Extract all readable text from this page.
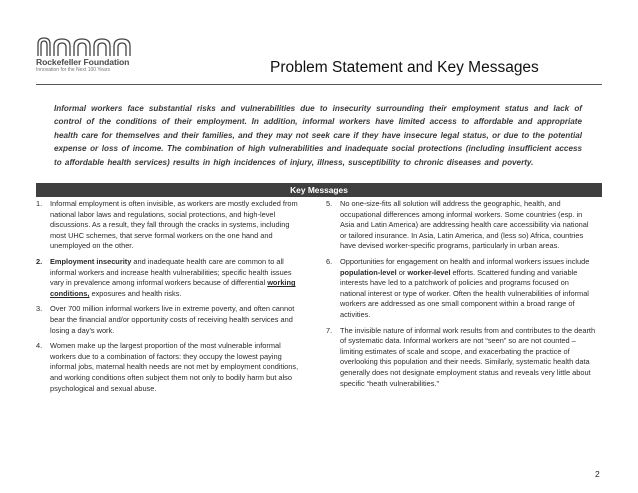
Rockefeller Foundation
Innovation for the Next 100 Years	Problem Statement and Key Messages
Informal workers face substantial risks and vulnerabilities due to insecurity surrounding their employment status and lack of control of the conditions of their employment. In addition, informal workers have limited access to affordable and appropriate health care for themselves and their families, and they may not seek care if they have insecure legal status, or due to the potential expense or loss of income. The combination of high vulnerabilities and inadequate social protections (including insufficient access to affordable health services) results in high incidences of injury, illness, susceptibility to chronic diseases and poverty.
Key Messages
1.	Informal employment is often invisible, as workers are mostly excluded from national labor laws and regulations, social protections, and high-level discussions. As a result, they fall through the cracks in systems, including most UHC schemes, that serve formal workers on the one hand and unemployed on the other.
2.	Employment insecurity and inadequate health care are common to all informal workers and increase health vulnerabilities; specific health issues vary in prevalence among informal workers because of differential working conditions, exposures and health risks.
3.	Over 700 million informal workers live in extreme poverty, and often cannot bear the financial and/or opportunity costs of receiving health services and losing a day's work.
4.	Women make up the largest proportion of the most vulnerable informal workers due to a combination of factors: they occupy the lowest paying informal jobs, maternal health needs are not met by employment conditions, and working conditions often subject them not only to bodily harm but also psychological and sexual abuse.
5.	No one-size-fits all solution will address the geographic, health, and occupational differences among informal workers. Some countries (esp. in Asia and Latin America) are addressing health care accessibility via national or tailored insurance. In Asia, Latin America, and (less so) Africa, countries have devised worker-specific programs, particularly in urban areas.
6.	Opportunities for engagement on health and informal workers issues include population-level or worker-level efforts. Scattered funding and variable interests have led to a patchwork of policies and programs focused on national interest or type of worker. Often the health vulnerabilities of informal workers are addressed as one small component within a broad range of activities.
7.	The invisible nature of informal work results from and contributes to the dearth of systematic data. Informal workers are not “seen” so are not counted – limiting estimates of scale and scope, and exacerbating the practice of overlooking this population and their needs. Similarly, systematic health data generally does not designate employment status and reveals very little about specific “heath vulnerabilities.”
2
